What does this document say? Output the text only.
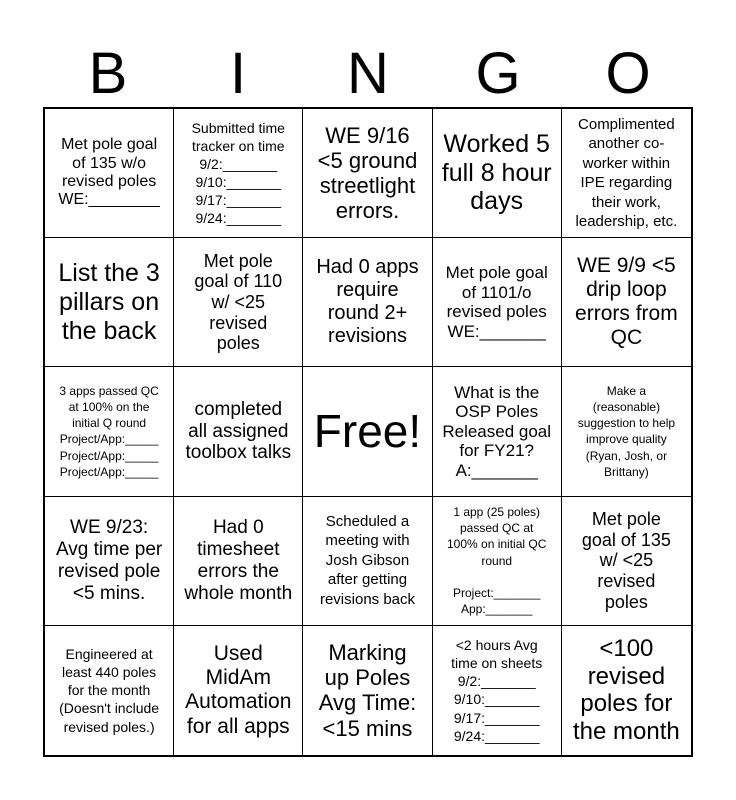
B	I	N	G	O
Met pole goal
of 135 w/o
revised poles
WE:________
Submitted time
tracker on time
9/2:_______
9/10:_______
9/17:_______
9/24:_______
WE 9/16
<5 ground
streetlight
errors.
Worked 5
full 8 hour
days
Complimented
another co-
worker within
IPE regarding
their work,
leadership, etc.
List the 3
pillars on
the back
Met pole
goal of 110
w/ <25
revised
poles
Had 0 apps
require
round 2+
revisions
Met pole goal
of 1101/o
revised poles
WE:_______
WE 9/9 <5
drip loop
errors from
QC
3 apps passed QC
at 100% on the
initial Q round
Project/App:_____
Project/App:_____
Project/App:_____
completed
all assigned
toolbox talks Free!
What is the
OSP Poles
Released goal
for FY21?
A:_______
Make a
(reasonable)
suggestion to help
improve quality
(Ryan, Josh, or
Brittany)
WE 9/23:
Avg time per
revised pole
<5 mins.
Had 0
timesheet
errors the
whole month
Scheduled a
meeting with
Josh Gibson
after getting
revisions back
1 app (25 poles)
passed QC at
100% on initial QC
round

Project:_______
App:_______
Met pole
goal of 135
w/ <25
revised
poles
Engineered at
least 440 poles
for the month
(Doesn't include
revised poles.)
Used
MidAm
Automation
for all apps
Marking
up Poles
Avg Time:
<15 mins
<2 hours Avg
time on sheets
9/2:_______
9/10:_______
9/17:_______
9/24:_______
<100
revised
poles for
the month
